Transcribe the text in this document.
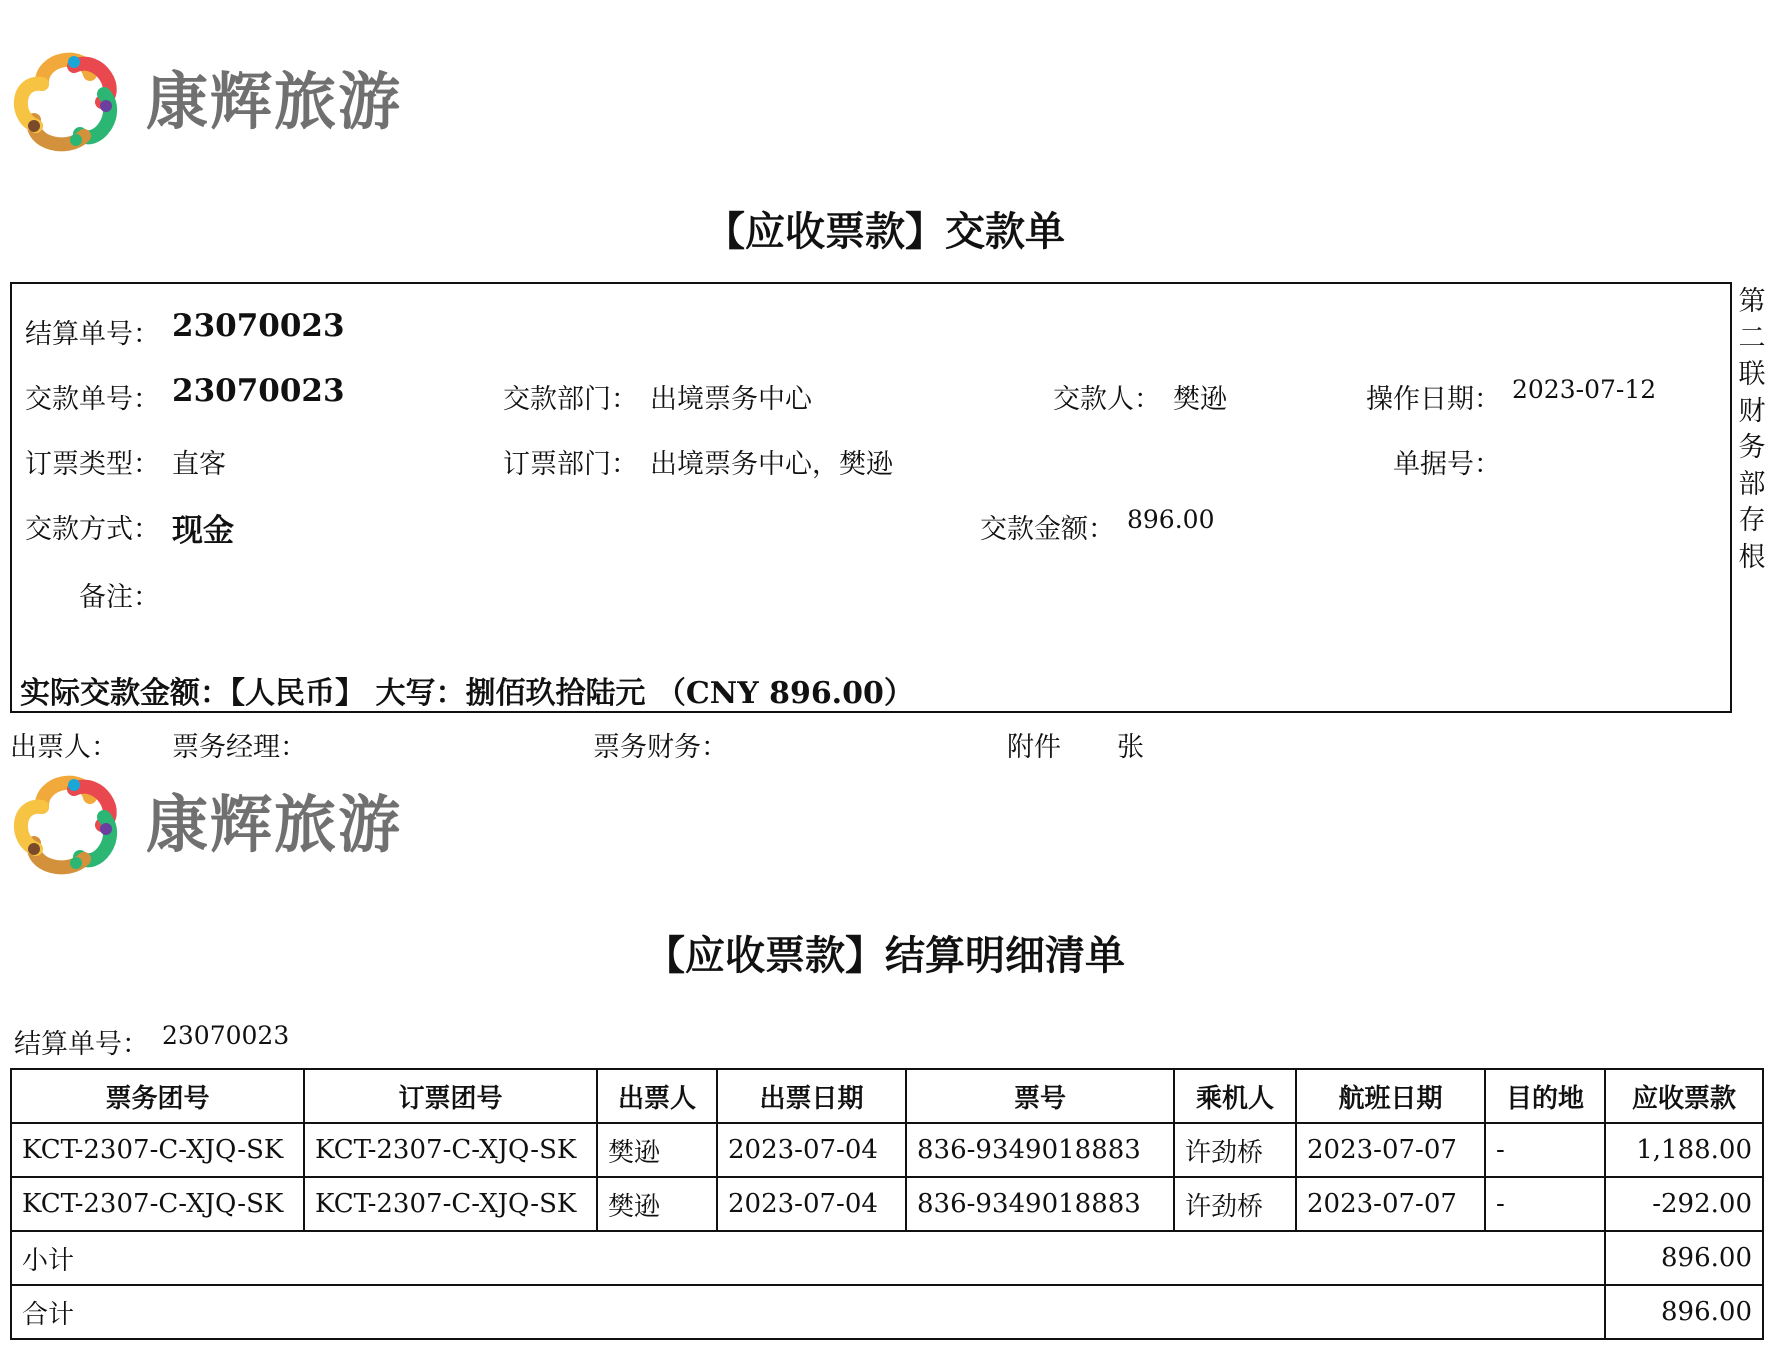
康辉旅游
【应收票款】交款单
结算单号： 23070023
交款单号： 23070023	交款部门： 出境票务中心	交款人： 樊逊	操作日期： 2023-07-12
订票类型： 直客	订票部门： 出境票务中心，樊逊	单据号：
交款方式： 现金	交款金额： 896.00
备注：
实际交款金额：【人民币】 大写：捌佰玖拾陆元 （CNY 896.00）
第
二
联
财
务
部
存
根
出票人： 票务经理：	票务财务：	附件 张
康辉旅游
【应收票款】结算明细清单
结算单号： 23070023
票务团号	订票团号	出票人	出票日期	票号	乘机人	航班日期	目的地	应收票款
KCT-2307-C-XJQ-SK	KCT-2307-C-XJQ-SK	樊逊	2023-07-04	836-9349018883	许劲桥	2023-07-07	-	1,188.00
KCT-2307-C-XJQ-SK	KCT-2307-C-XJQ-SK	樊逊	2023-07-04	836-9349018883	许劲桥	2023-07-07	-	-292.00
小计								896.00
合计								896.00
